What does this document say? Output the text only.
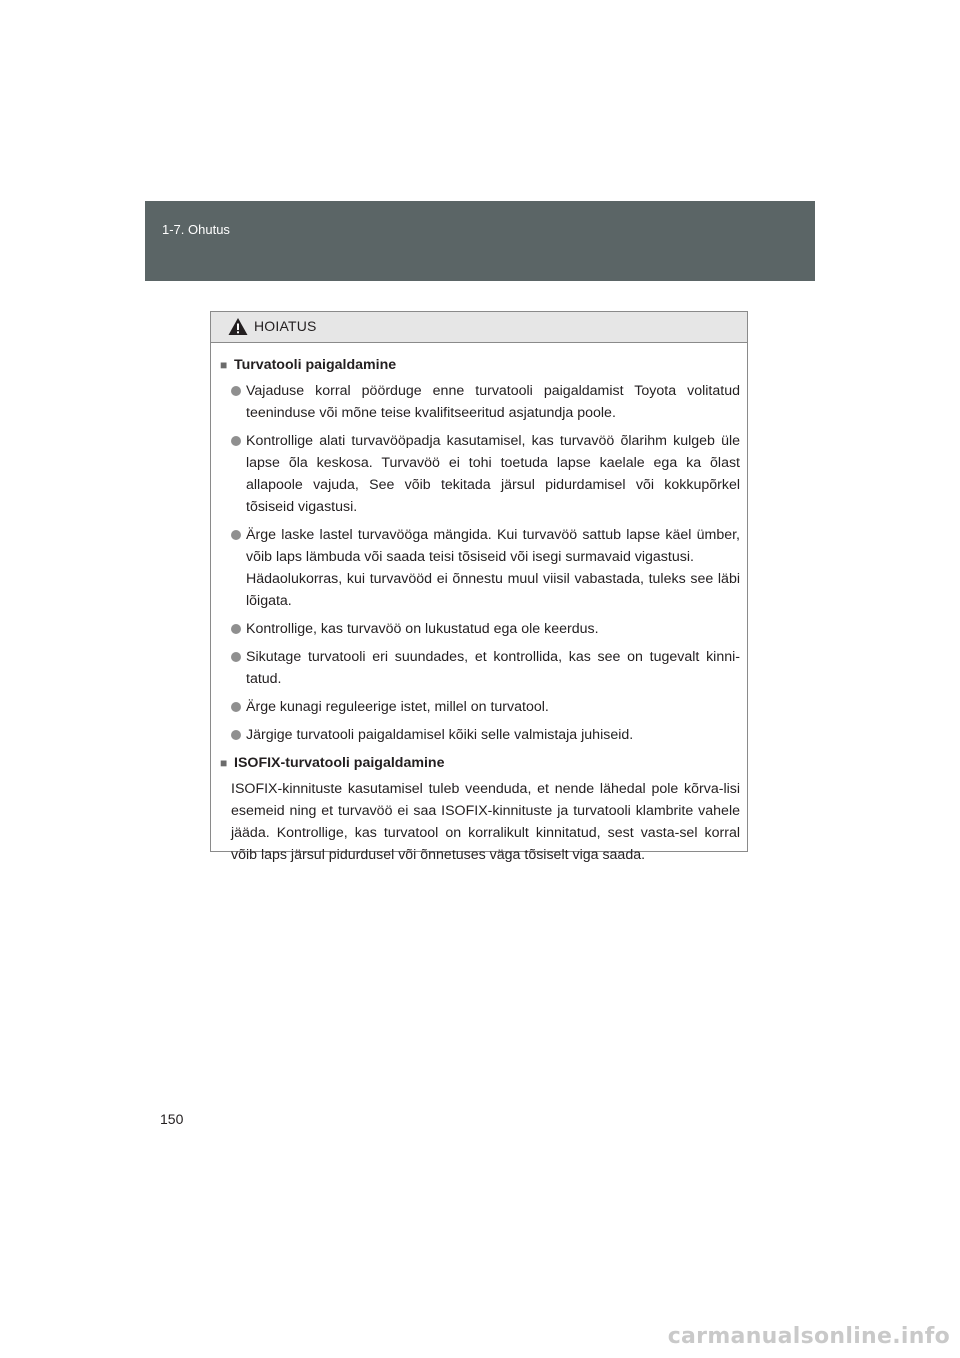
1-7. Ohutus
HOIATUS
■ Turvatooli paigaldamine
Vajaduse korral pöörduge enne turvatooli paigaldamist Toyota volitatud teeninduse või mõne teise kvalifitseeritud asjatundja poole.
Kontrollige alati turvavööpadja kasutamisel, kas turvavöö õlarihm kulgeb üle lapse õla keskosa. Turvavöö ei tohi toetuda lapse kaelale ega ka õlast allapoole vajuda, See võib tekitada järsul pidurdamisel või kokkupõrkel tõsiseid vigastusi.
Ärge laske lastel turvavööga mängida. Kui turvavöö sattub lapse käel ümber, võib laps lämbuda või saada teisi tõsiseid või isegi surmavaid vigastusi.
Hädaolukorras, kui turvavööd ei õnnestu muul viisil vabastada, tuleks see läbi lõigata.
Kontrollige, kas turvavöö on lukustatud ega ole keerdus.
Sikutage turvatooli eri suundades, et kontrollida, kas see on tugevalt kinni-tatud.
Ärge kunagi reguleerige istet, millel on turvatool.
Järgige turvatooli paigaldamisel kõiki selle valmistaja juhiseid.
■ ISOFIX-turvatooli paigaldamine
ISOFIX-kinnituste kasutamisel tuleb veenduda, et nende lähedal pole kõrva-lisi esemeid ning et turvavöö ei saa ISOFIX-kinnituste ja turvatooli klambrite vahele jääda. Kontrollige, kas turvatool on korralikult kinnitatud, sest vasta-sel korral võib laps järsul pidurdusel või õnnetuses väga tõsiselt viga saada.
150
carmanualsonline.info
